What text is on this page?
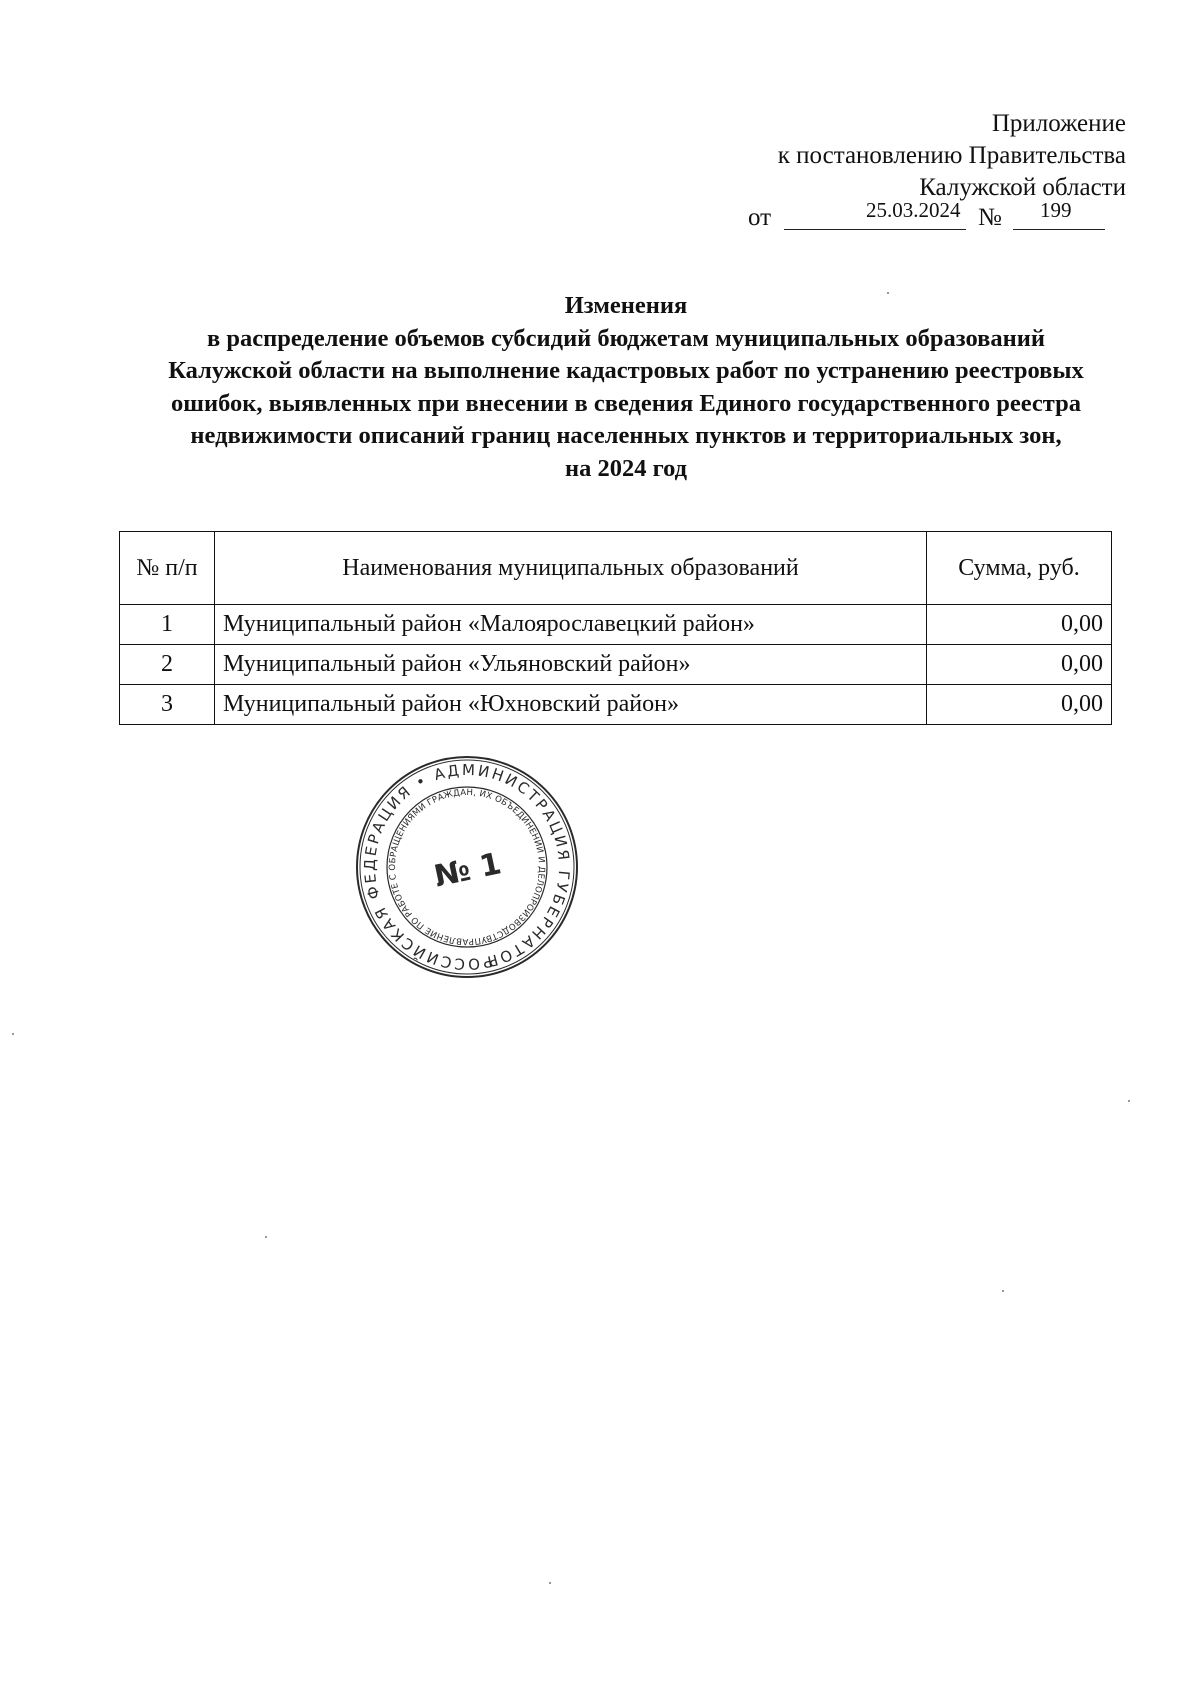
Приложение
к постановлению Правительства
Калужской области
от	25.03.2024 № 199
Изменения
в распределение объемов субсидий бюджетам муниципальных образований
Калужской области на выполнение кадастровых работ по устранению реестровых
ошибок, выявленных при внесении в сведения Единого государственного реестра
недвижимости описаний границ населенных пунктов и территориальных зон,
на 2024 год
№ п/п	Наименования муниципальных образований	Сумма, руб.
1	Муниципальный район «Малоярославецкий район»	0,00
2	Муниципальный район «Ульяновский район»	0,00
3	Муниципальный район «Юхновский район»	0,00
РОССИЙСКАЯ ФЕДЕРАЦИЯ • АДМИНИСТРАЦИЯ ГУБЕРНАТОРА
УПРАВЛЕНИЕ ПО РАБОТЕ С ОБРАЩЕНИЯМИ ГРАЖДАН, ИХ ОБЪЕДИНЕНИЙ И ДЕЛОПРОИЗВОДСТВУ
№ 1
